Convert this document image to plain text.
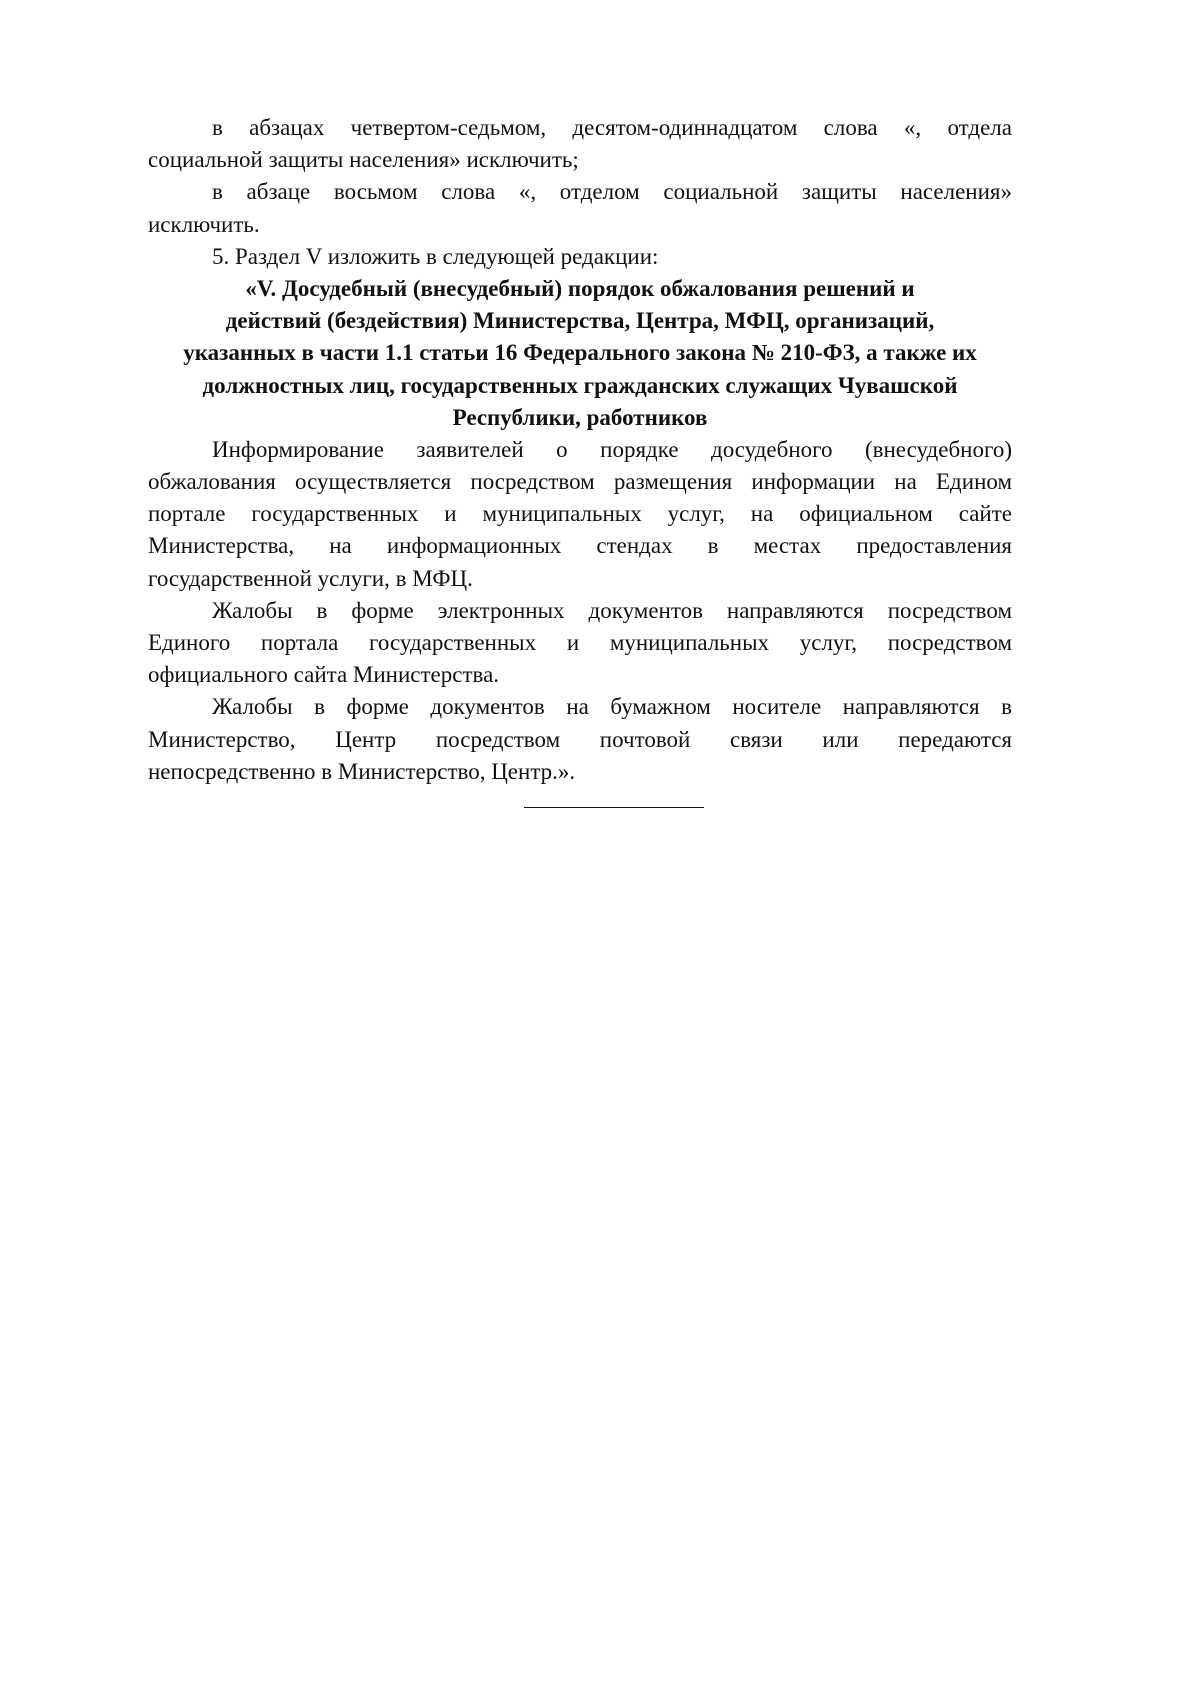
в абзацах четвертом-седьмом, десятом-одиннадцатом слова «, отдела
социальной защиты населения» исключить;
в абзаце восьмом слова «, отделом социальной защиты населения»
исключить.
5. Раздел V изложить в следующей редакции:
«V. Досудебный (внесудебный) порядок обжалования решений и
действий (бездействия) Министерства, Центра, МФЦ, организаций,
указанных в части 1.1 статьи 16 Федерального закона № 210-ФЗ, а также их
должностных лиц, государственных гражданских служащих Чувашской
Республики, работников
Информирование заявителей о порядке досудебного (внесудебного)
обжалования осуществляется посредством размещения информации на Едином
портале государственных и муниципальных услуг, на официальном сайте
Министерства, на информационных стендах в местах предоставления
государственной услуги, в МФЦ.
Жалобы в форме электронных документов направляются посредством
Единого портала государственных и муниципальных услуг, посредством
официального сайта Министерства.
Жалобы в форме документов на бумажном носителе направляются в
Министерство, Центр посредством почтовой связи или передаются
непосредственно в Министерство, Центр.».
